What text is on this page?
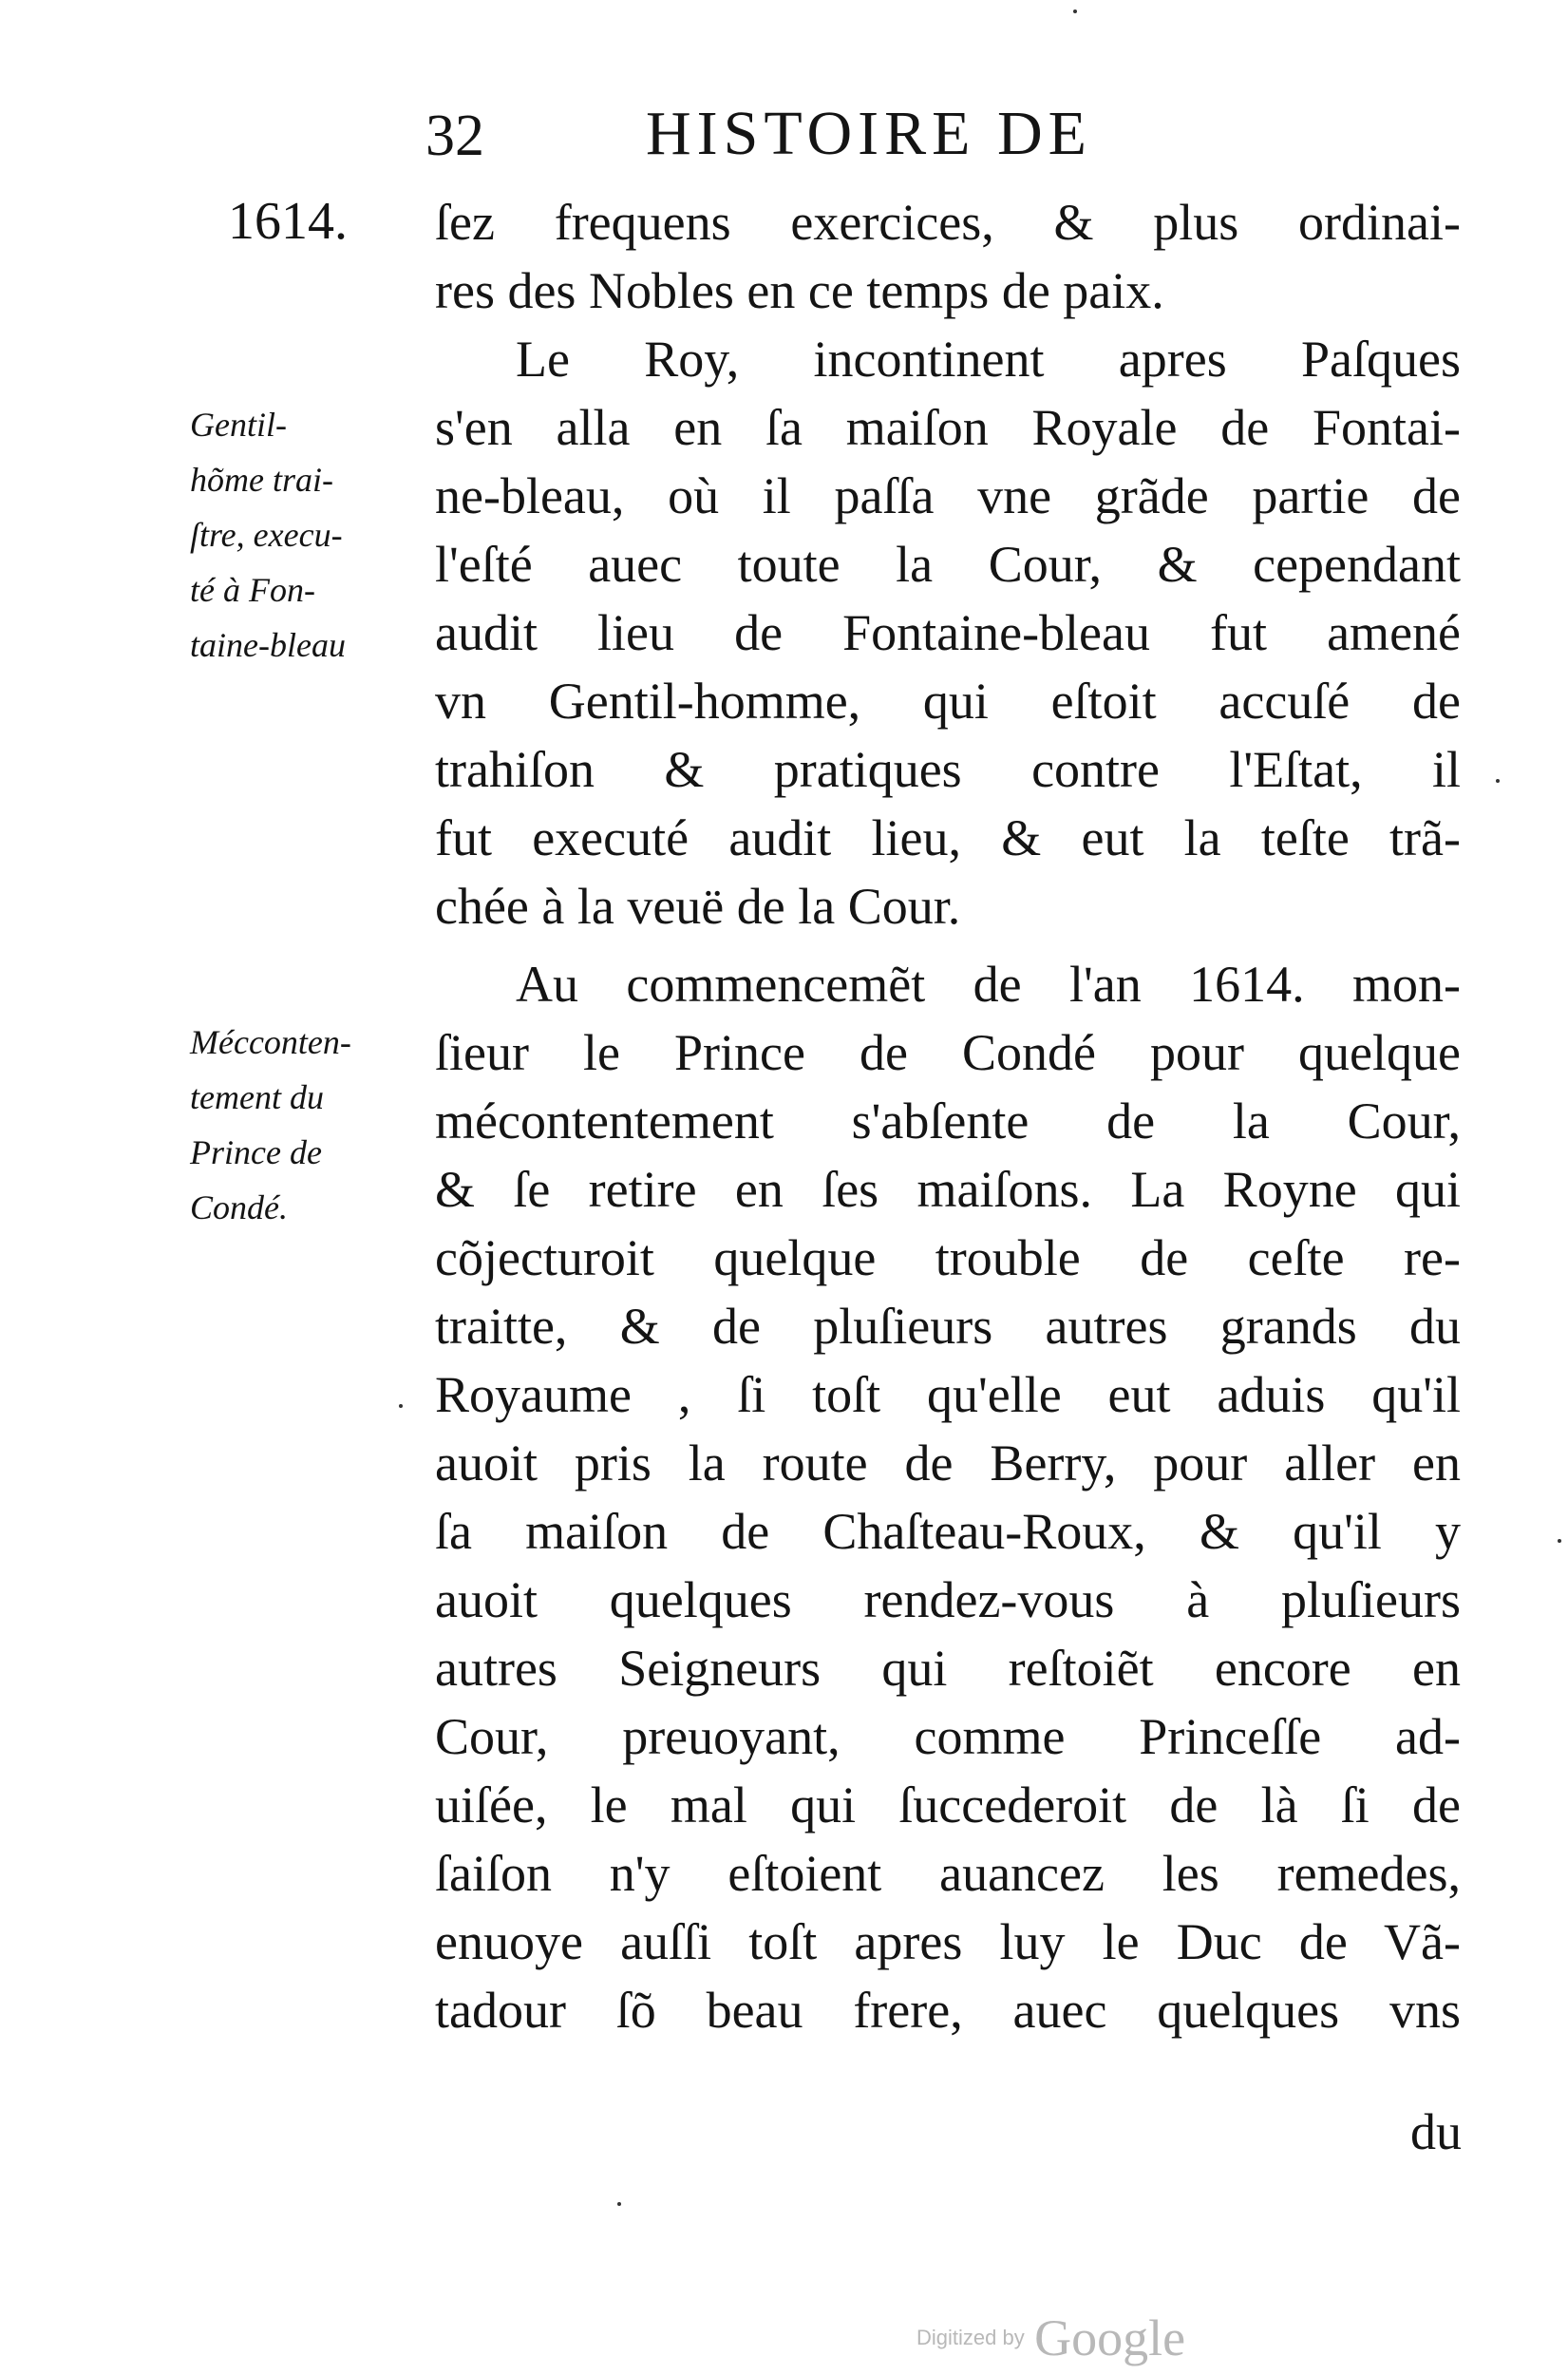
32	HISTOIRE DE
1614.
Gentil-
hõme trai-
ſtre, execu-
té à Fon-
taine-bleau
Mécconten-
tement du
Prince de
Condé.
ſez frequens exercices, & plus ordinai-
res des Nobles en ce temps de paix.
Le Roy, incontinent apres Paſques
s'en alla en ſa maiſon Royale de Fontai-
ne-bleau, où il paſſa vne grãde partie de
l'eſté auec toute la Cour, & cependant
audit lieu de Fontaine-bleau fut amené
vn Gentil-homme, qui eſtoit accuſé de
trahiſon & pratiques contre l'Eſtat, il
fut executé audit lieu, & eut la teſte trã-
chée à la veuë de la Cour.
Au commencemẽt de l'an 1614. mon-
ſieur le Prince de Condé pour quelque
mécontentement s'abſente de la Cour,
& ſe retire en ſes maiſons. La Royne qui
cõjecturoit quelque trouble de ceſte re-
traitte, & de pluſieurs autres grands du
Royaume , ſi toſt qu'elle eut aduis qu'il
auoit pris la route de Berry, pour aller en
ſa maiſon de Chaſteau-Roux, & qu'il y
auoit quelques rendez-vous à pluſieurs
autres Seigneurs qui reſtoiẽt encore en
Cour, preuoyant, comme Princeſſe ad-
uiſée, le mal qui ſuccederoit de là ſi de
ſaiſon n'y eſtoient auancez les remedes,
enuoye auſſi toſt apres luy le Duc de Vã-
tadour ſõ beau frere, auec quelques vns
du
Digitized by Google
